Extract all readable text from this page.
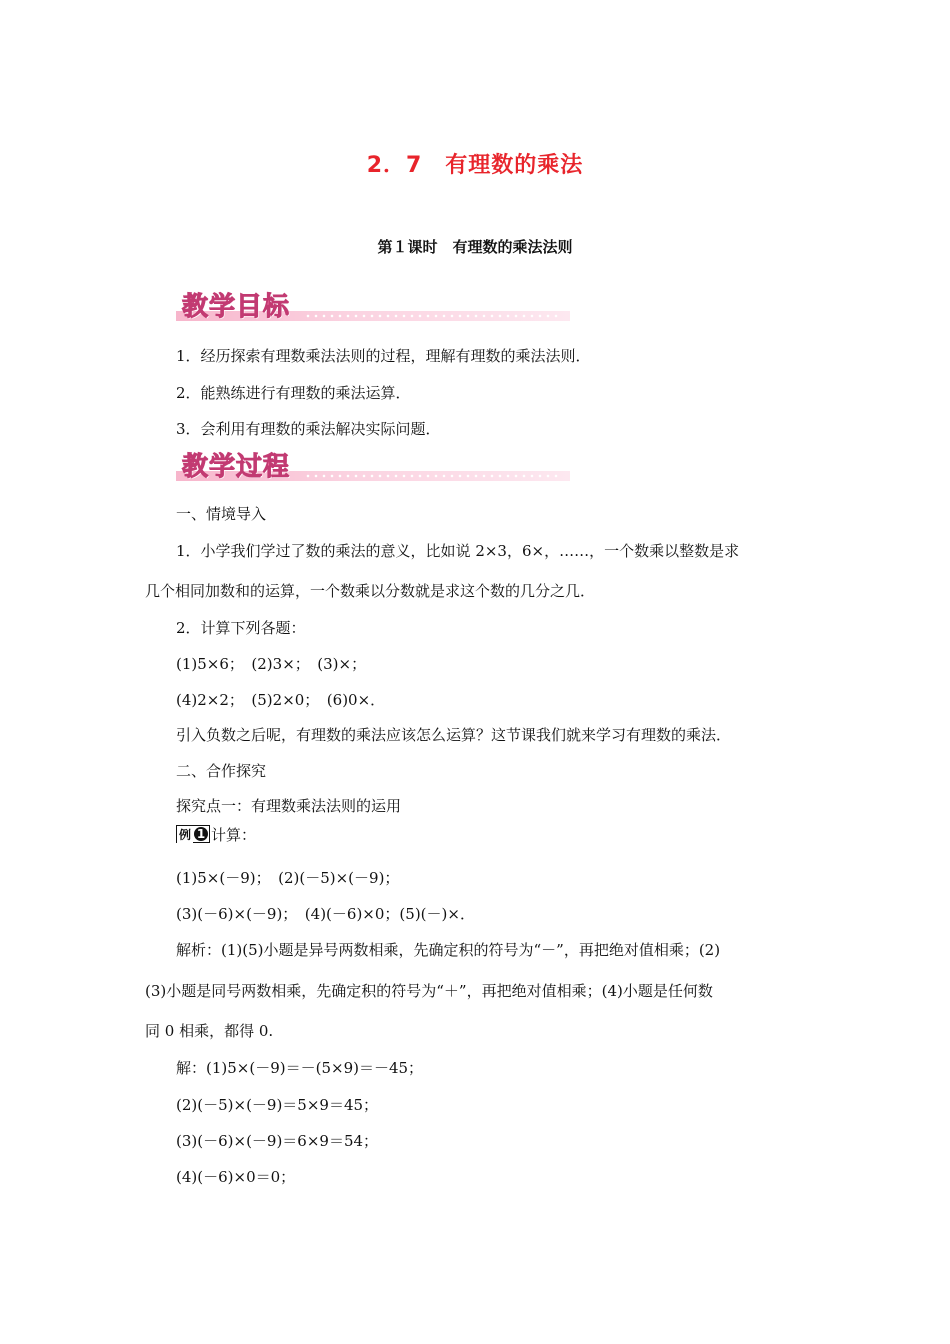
2．7　有理数的乘法
第１课时　有理数的乘法法则
教学目标
1．经历探索有理数乘法法则的过程，理解有理数的乘法法则．
2．能熟练进行有理数的乘法运算．
3．会利用有理数的乘法解决实际问题．
教学过程
一、情境导入
1．小学我们学过了数的乘法的意义，比如说 2×3，6×，……，一个数乘以整数是求
几个相同加数和的运算，一个数乘以分数就是求这个数的几分之几．
2．计算下列各题：
(1)5×6；　(2)3×；　(3)×；
(4)2×2；　(5)2×0；　(6)0×．
引入负数之后呢，有理数的乘法应该怎么运算？这节课我们就来学习有理数的乘法．
二、合作探究
探究点一：有理数乘法法则的运用
例 1 计算：
(1)5×(－9)；　(2)(－5)×(－9)；
(3)(－6)×(－9)；　(4)(－6)×0；(5)(－)×．
解析：(1)(5)小题是异号两数相乘，先确定积的符号为“－”，再把绝对值相乘；(2)
(3)小题是同号两数相乘，先确定积的符号为“＋”，再把绝对值相乘；(4)小题是任何数
同 0 相乘，都得 0.
解：(1)5×(－9)＝－(5×9)＝－45；
(2)(－5)×(－9)＝5×9＝45；
(3)(－6)×(－9)＝6×9＝54；
(4)(－6)×0＝0；
